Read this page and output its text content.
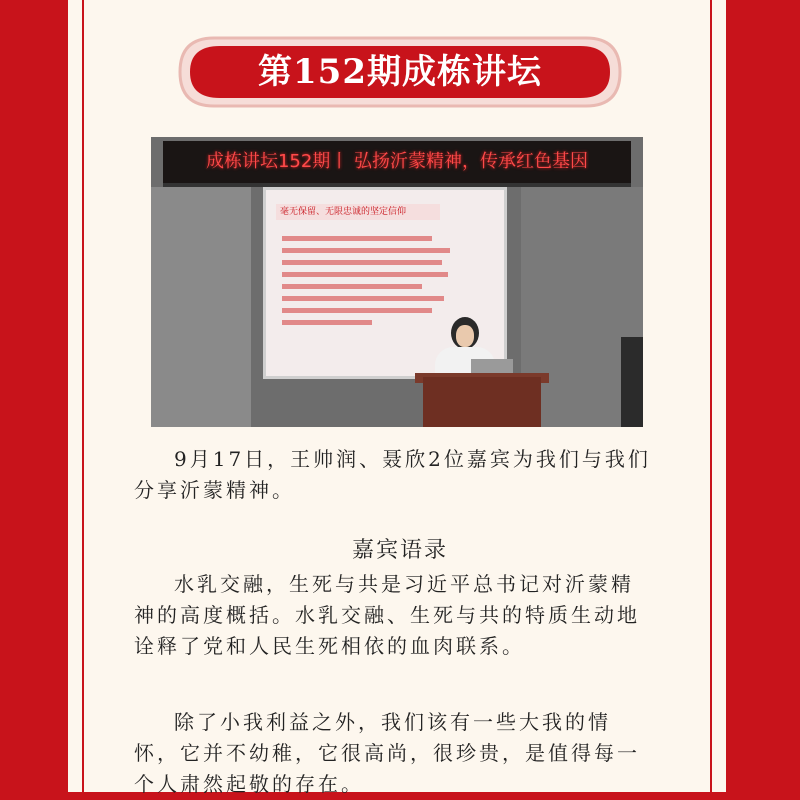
第152期成栋讲坛
成栋讲坛152期丨 弘扬沂蒙精神，传承红色基因
毫无保留、无限忠诚的坚定信仰
9月17日，王帅润、聂欣2位嘉宾为我们与我们分享沂蒙精神。
嘉宾语录
水乳交融，生死与共是习近平总书记对沂蒙精神的高度概括。水乳交融、生死与共的特质生动地诠释了党和人民生死相依的血肉联系。
除了小我利益之外，我们该有一些大我的情怀，它并不幼稚，它很高尚，很珍贵，是值得每一个人肃然起敬的存在。
